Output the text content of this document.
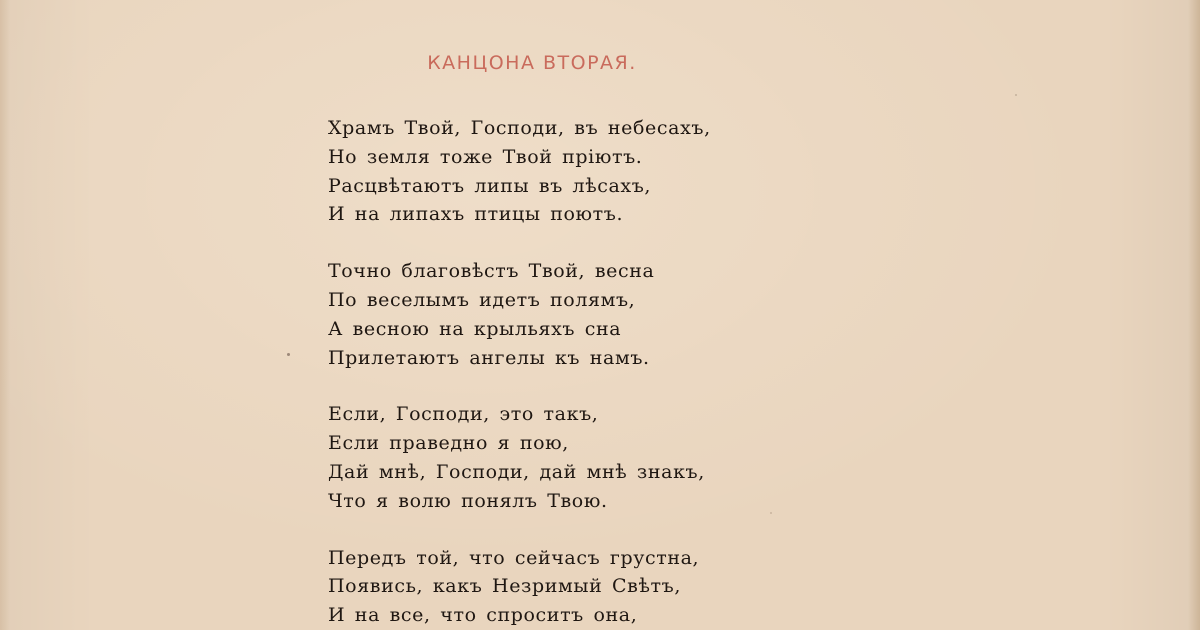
КАНЦОНА ВТОРАЯ.
Храмъ Твой, Господи, въ небесахъ,
Но земля тоже Твой пріютъ.
Расцвѣтаютъ липы въ лѣсахъ,
И на липахъ птицы поютъ.
Точно благовѣстъ Твой, весна
По веселымъ идетъ полямъ,
А весною на крыльяхъ сна
Прилетаютъ ангелы къ намъ.
Если, Господи, это такъ,
Если праведно я пою,
Дай мнѣ, Господи, дай мнѣ знакъ,
Что я волю понялъ Твою.
Передъ той, что сейчасъ грустна,
Появись, какъ Незримый Свѣтъ,
И на все, что спроситъ она,
